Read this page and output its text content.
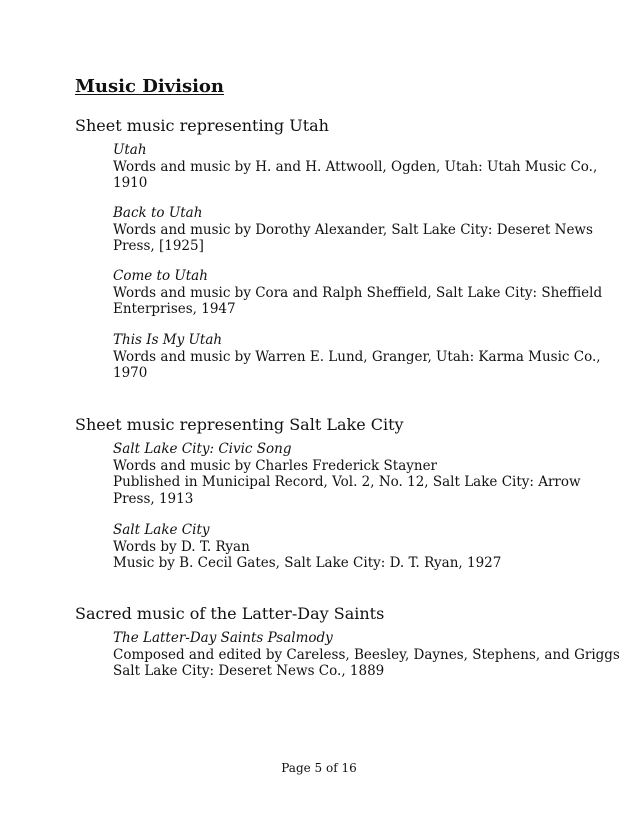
Music Division
Sheet music representing Utah
Utah
Words and music by H. and H. Attwooll, Ogden, Utah: Utah Music Co.,
1910
Back to Utah
Words and music by Dorothy Alexander, Salt Lake City: Deseret News
Press, [1925]
Come to Utah
Words and music by Cora and Ralph Sheffield, Salt Lake City: Sheffield
Enterprises, 1947
This Is My Utah
Words and music by Warren E. Lund, Granger, Utah: Karma Music Co.,
1970
Sheet music representing Salt Lake City
Salt Lake City: Civic Song
Words and music by Charles Frederick Stayner
Published in Municipal Record, Vol. 2, No. 12, Salt Lake City: Arrow
Press, 1913
Salt Lake City
Words by D. T. Ryan
Music by B. Cecil Gates, Salt Lake City: D. T. Ryan, 1927
Sacred music of the Latter-Day Saints
The Latter-Day Saints Psalmody
Composed and edited by Careless, Beesley, Daynes, Stephens, and Griggs
Salt Lake City: Deseret News Co., 1889
Page 5 of 16
